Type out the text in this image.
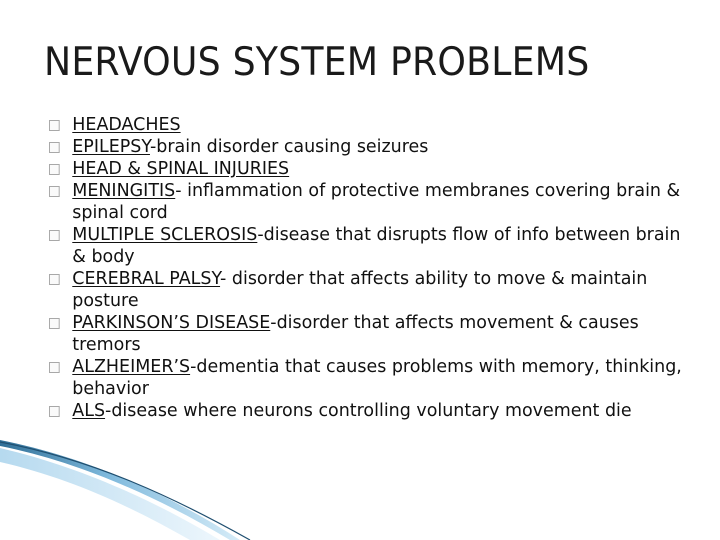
NERVOUS SYSTEM PROBLEMS
HEADACHES
EPILEPSY-brain disorder causing seizures
HEAD & SPINAL INJURIES
MENINGITIS- inflammation of protective membranes covering brain & spinal cord
MULTIPLE SCLEROSIS-disease that disrupts flow of info between brain & body
CEREBRAL PALSY- disorder that affects ability to move & maintain posture
PARKINSON’S DISEASE-disorder that affects movement & causes tremors
ALZHEIMER’S-dementia that causes problems with memory, thinking, behavior
ALS-disease where neurons controlling voluntary movement die
